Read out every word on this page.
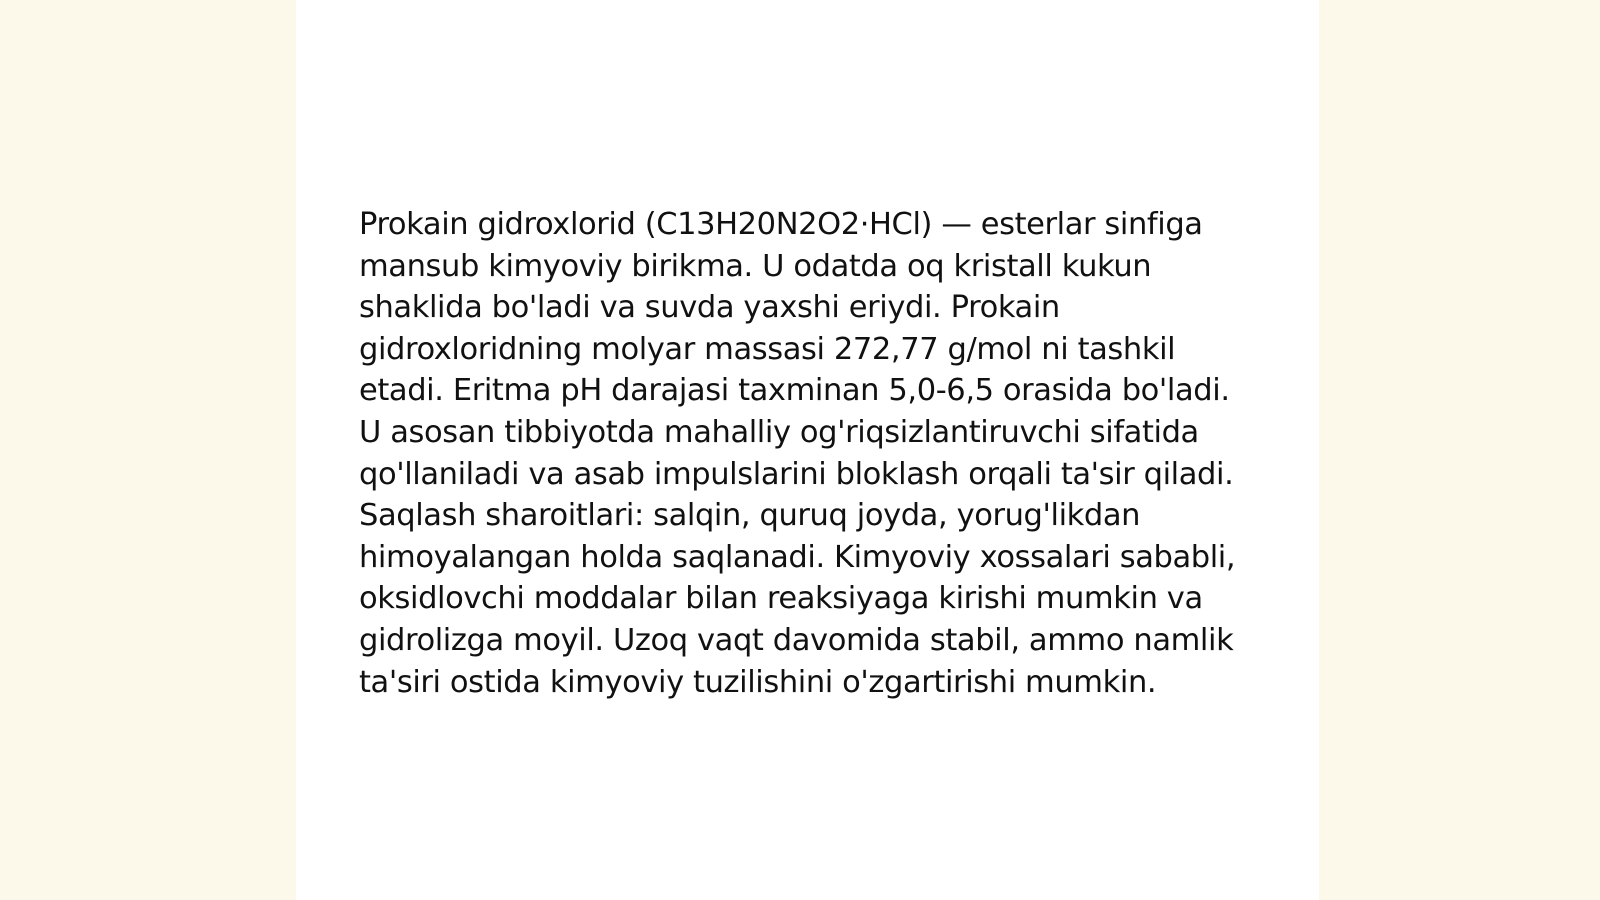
Prokain gidroxlorid (C13H20N2O2·HCl) — esterlar sinfiga mansub kimyoviy birikma. U odatda oq kristall kukun shaklida bo'ladi va suvda yaxshi eriydi. Prokain gidroxloridning molyar massasi 272,77 g/mol ni tashkil etadi. Eritma pH darajasi taxminan 5,0-6,5 orasida bo'ladi. U asosan tibbiyotda mahalliy og'riqsizlantiruvchi sifatida qo'llaniladi va asab impulslarini bloklash orqali ta'sir qiladi. Saqlash sharoitlari: salqin, quruq joyda, yorug'likdan himoyalangan holda saqlanadi. Kimyoviy xossalari sababli, oksidlovchi moddalar bilan reaksiyaga kirishi mumkin va gidrolizga moyil. Uzoq vaqt davomida stabil, ammo namlik ta'siri ostida kimyoviy tuzilishini o'zgartirishi mumkin.
